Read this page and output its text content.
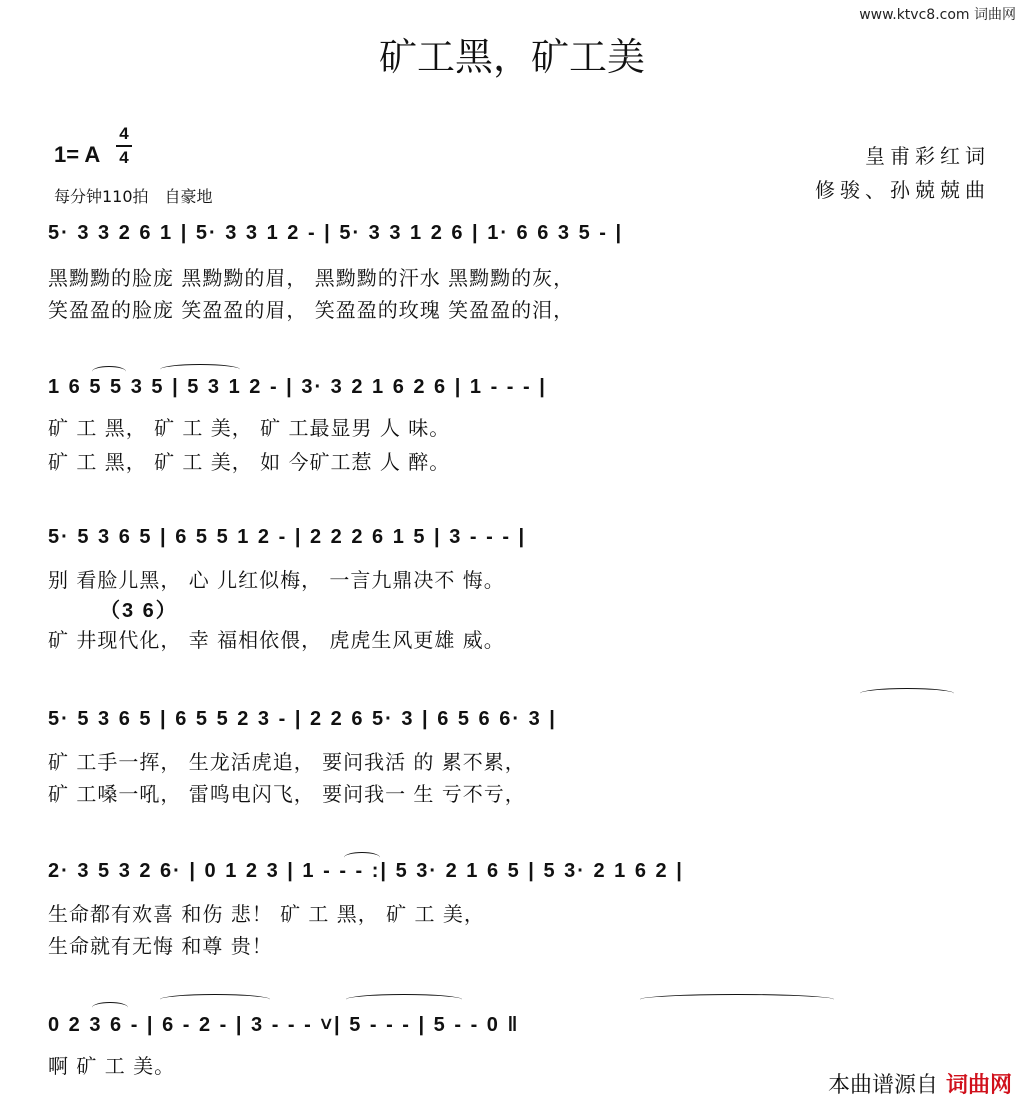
www.ktvc8.com 词曲网
矿工黑，矿工美
1= A
4
4
每分钟110拍　自豪地
皇甫彩红词
修骏、孙兢兢曲
5· 3 3 2 6 1 | 5· 3 3 1 2 - | 5· 3 3 1 2 6 | 1· 6 6 3 5 - |
黑黝黝的脸庞 黑黝黝的眉， 黑黝黝的汗水 黑黝黝的灰，
笑盈盈的脸庞 笑盈盈的眉， 笑盈盈的玫瑰 笑盈盈的泪，
1 6 5 5 3 5 | 5 3 1 2 - | 3· 3 2 1 6 2 6 | 1 - - - |
矿 工 黑， 矿 工 美， 矿 工最显男 人 味。
矿 工 黑， 矿 工 美， 如 今矿工惹 人 醉。
5· 5 3 6 5 | 6 5 5 1 2 - | 2 2 2 6 1 5 | 3 - - - |
别 看脸儿黑， 心 儿红似梅， 一言九鼎决不 悔。
（3 6）
矿 井现代化， 幸 福相依偎， 虎虎生风更雄 威。
5· 5 3 6 5 | 6 5 5 2 3 - | 2 2 6 5· 3 | 6 5 6 6· 3 |
矿 工手一挥， 生龙活虎追， 要问我活 的 累不累，
矿 工嗓一吼， 雷鸣电闪飞， 要问我一 生 亏不亏，
2· 3 5 3 2 6· | 0 1 2 3 | 1 - - - :| 5 3· 2 1 6 5 | 5 3· 2 1 6 2 |
生命都有欢喜 和伤 悲！ 矿 工 黑， 矿 工 美，
生命就有无悔 和尊 贵！
0 2 3 6 - | 6 - 2 - | 3 - - - ˅| 5 - - - | 5 - - 0 ‖
啊 矿 工 美。
本曲谱源自 词曲网
